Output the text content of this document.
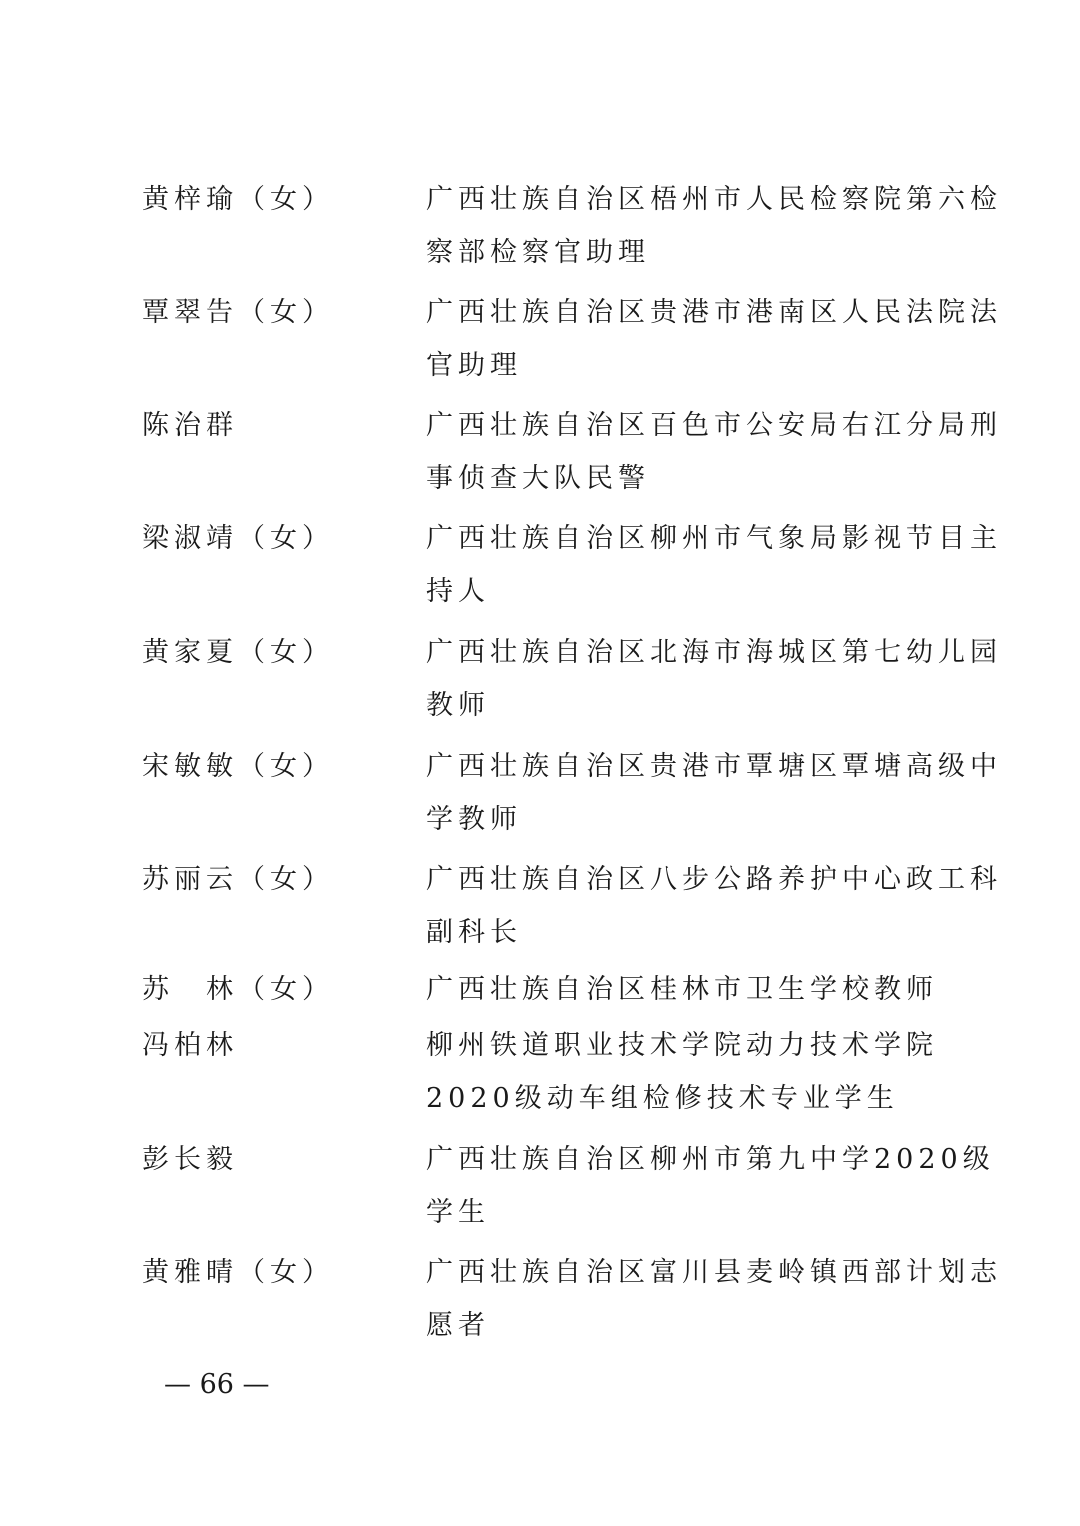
黄梓瑜（女）	广西壮族自治区梧州市人民检察院第六检
察部检察官助理
覃翠告（女）	广西壮族自治区贵港市港南区人民法院法
官助理
陈治群	广西壮族自治区百色市公安局右江分局刑
事侦查大队民警
梁淑靖（女）	广西壮族自治区柳州市气象局影视节目主
持人
黄家夏（女）	广西壮族自治区北海市海城区第七幼儿园
教师
宋敏敏（女）	广西壮族自治区贵港市覃塘区覃塘高级中
学教师
苏丽云（女）	广西壮族自治区八步公路养护中心政工科
副科长
苏　林（女）	广西壮族自治区桂林市卫生学校教师
冯柏林	柳州铁道职业技术学院动力技术学院
2020级动车组检修技术专业学生
彭长毅	广西壮族自治区柳州市第九中学2020级
学生
黄雅晴（女）	广西壮族自治区富川县麦岭镇西部计划志
愿者
— 66 —
